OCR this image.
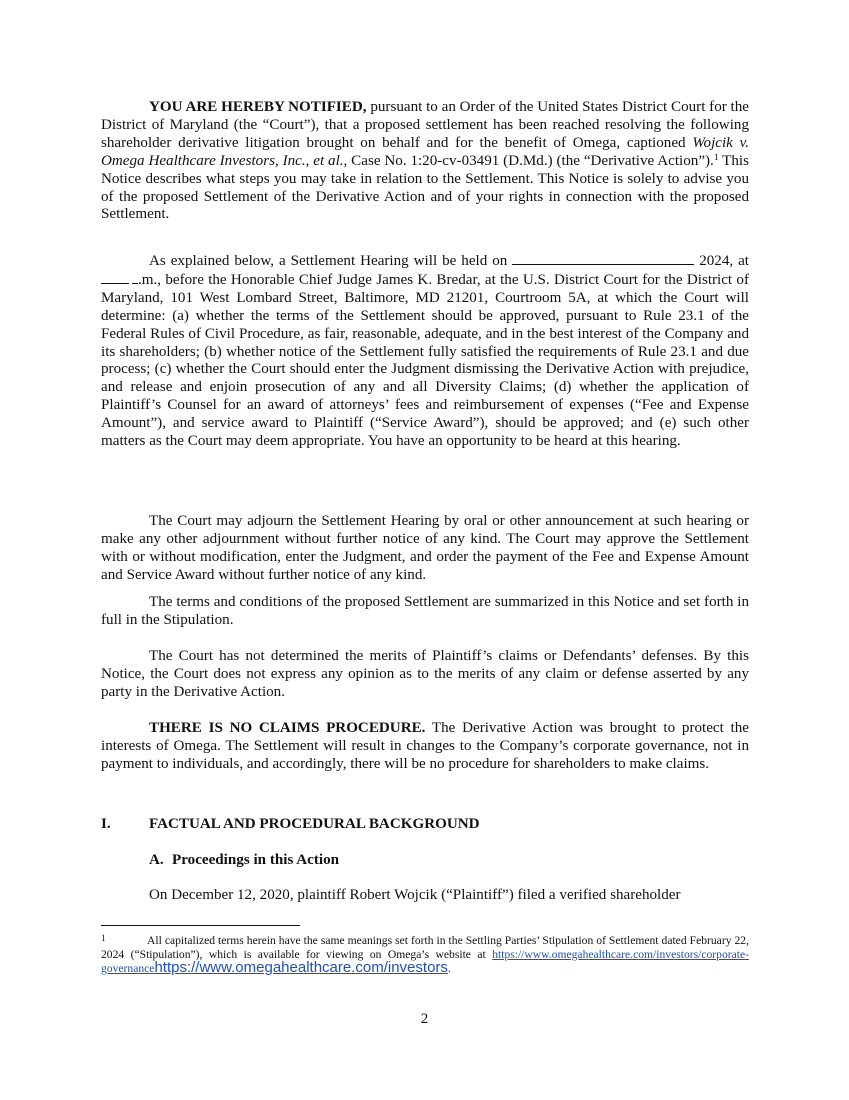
YOU ARE HEREBY NOTIFIED, pursuant to an Order of the United States District Court for the District of Maryland (the “Court”), that a proposed settlement has been reached resolving the following shareholder derivative litigation brought on behalf and for the benefit of Omega, captioned Wojcik v. Omega Healthcare Investors, Inc., et al., Case No. 1:20-cv-03491 (D.Md.) (the “Derivative Action”).$^1$ This Notice describes what steps you may take in relation to the Settlement. This Notice is solely to advise you of the proposed Settlement of the Derivative Action and of your rights in connection with the proposed Settlement.

As explained below, a Settlement Hearing will be held on	2024, at .m., before the Honorable Chief Judge James K. Bredar, at the U.S. District Court for the District of Maryland, 101 West Lombard Street, Baltimore, MD 21201, Courtroom 5A, at which the Court will determine: (a) whether the terms of the Settlement should be approved, pursuant to Rule 23.1 of the Federal Rules of Civil Procedure, as fair, reasonable, adequate, and in the best interest of the Company and its shareholders; (b) whether notice of the Settlement fully satisfied the requirements of Rule 23.1 and due process; (c) whether the Court should enter the Judgment dismissing the Derivative Action with prejudice, and release and enjoin prosecution of any and all Diversity Claims; (d) whether the application of Plaintiff’s Counsel for an award of attorneys’ fees and reimbursement of expenses (“Fee and Expense Amount”), and service award to Plaintiff (“Service Award”), should be approved; and (e) such other matters as the Court may deem appropriate. You have an opportunity to be heard at this hearing.

The Court may adjourn the Settlement Hearing by oral or other announcement at such hearing or make any other adjournment without further notice of any kind. The Court may approve the Settlement with or without modification, enter the Judgment, and order the payment of the Fee and Expense Amount and Service Award without further notice of any kind.

The terms and conditions of the proposed Settlement are summarized in this Notice and set forth in full in the Stipulation.

The Court has not determined the merits of Plaintiff’s claims or Defendants’ defenses. By this Notice, the Court does not express any opinion as to the merits of any claim or defense asserted by any party in the Derivative Action.

THERE IS NO CLAIMS PROCEDURE. The Derivative Action was brought to protect the interests of Omega. The Settlement will result in changes to the Company’s corporate governance, not in payment to individuals, and accordingly, there will be no procedure for shareholders to make claims.

I.	FACTUAL AND PROCEDURAL BACKGROUND

A. Proceedings in this Action

On December 12, 2020, plaintiff Robert Wojcik (“Plaintiff”) filed a verified shareholder

1	All capitalized terms herein have the same meanings set forth in the Settling Parties’ Stipulation of Settlement dated February 22, 2024 (“Stipulation”), which is available for viewing on Omega’s website at https://www.omegahealthcare.com/investors/corporate-governancehttps://www.omegahealthcare.com/investors.

2
